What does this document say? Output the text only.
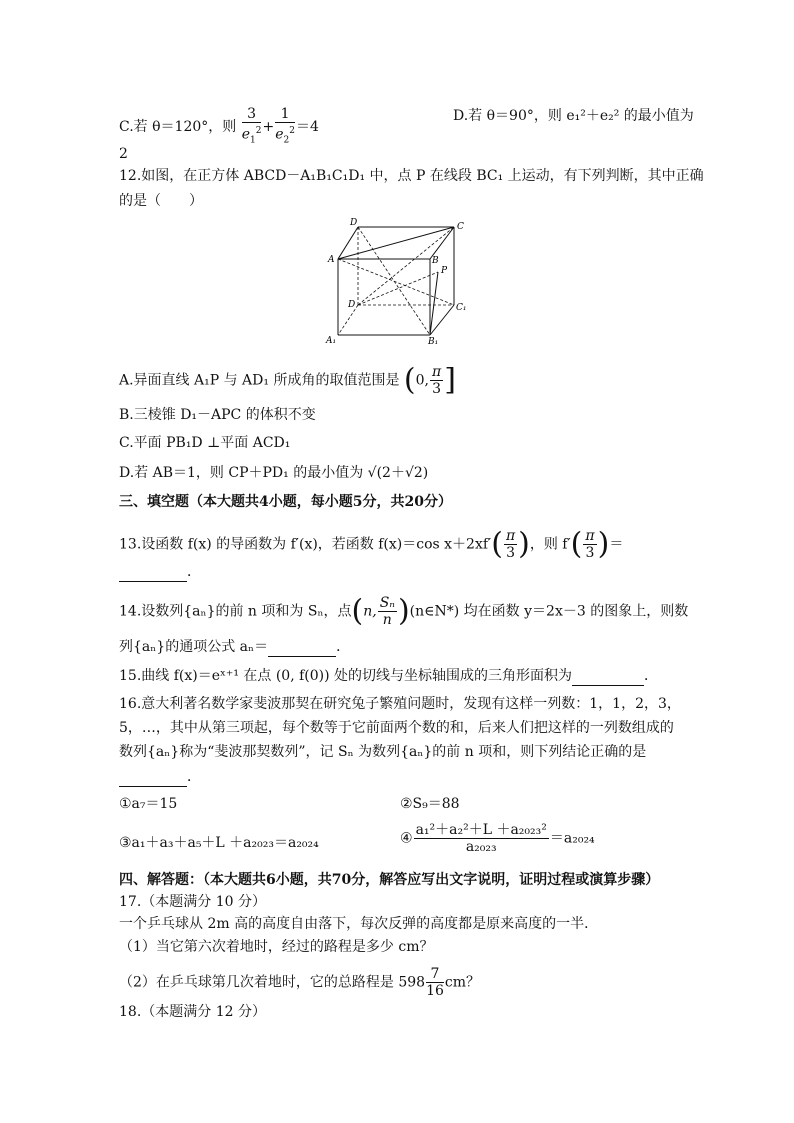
C.若 θ＝120°，则 $\frac{3}{e_1^2} + \frac{1}{e_2^2} =4$
D.若 θ＝90°，则 e₁²＋e₂² 的最小值为
2
12.如图，在正方体 ABCD－A₁B₁C₁D₁ 中，点 P 在线段 BC₁ 上运动，有下列判断，其中正确
的是（　　）
D	C
A	B
P
D	C₁
A₁	B₁
A.异面直线 A₁P 与 AD₁ 所成角的取值范围是 (0, $\frac{\pi}{3}$ ]
B.三棱锥 D₁－APC 的体积不变
C.平面 PB₁D ⊥平面 ACD₁
D.若 AB＝1，则 CP＋PD₁ 的最小值为 √(2＋√2)
三、填空题（本大题共4小题，每小题5分，共20分）
13.设函数 f(x) 的导函数为 f′(x)，若函数 f(x)＝cos $x+2xf'( \frac{\pi}{3}$ )，则 $f'( \frac{\pi}{3}$ )＝
．
14.设数列{aₙ}的前 n 项和为 Sₙ，点(n, $\frac{\text{Sₙ}}{n}$ )(n∈N*) 均在函数 y＝2x－3 的图象上，则数
列{aₙ}的通项公式 aₙ＝	．
15.曲线 f(x)＝eˣ⁺¹ 在点 (0, f(0)) 处的切线与坐标轴围成的三角形面积为	．
16.意大利著名数学家斐波那契在研究兔子繁殖问题时，发现有这样一列数：1，1，2，3，
5，…，其中从第三项起，每个数等于它前面两个数的和，后来人们把这样的一列数组成的
数列{aₙ}称为“斐波那契数列”，记 Sₙ 为数列{aₙ}的前 n 项和，则下列结论正确的是
．
①a₇＝15	②S₉＝88
③a₁＋a₃＋a₅＋L ＋a₂₀₂₃＝a₂₀₂₄	④ $\frac{\text{a₁²＋a₂²＋L ＋a₂₀₂₃²}}{\text{a₂₀₂₃}} =a_{2024}$
四、解答题：（本大题共6小题，共70分，解答应写出文字说明，证明过程或演算步骤）
17.（本题满分 10 分）
一个乒乓球从 2m 高的高度自由落下，每次反弹的高度都是原来高度的一半．
（1）当它第六次着地时，经过的路程是多少 cm？
（2）在乒乓球第几次着地时，它的总路程是 $598 \frac{7}{16}$ cm？
18.（本题满分 12 分）
